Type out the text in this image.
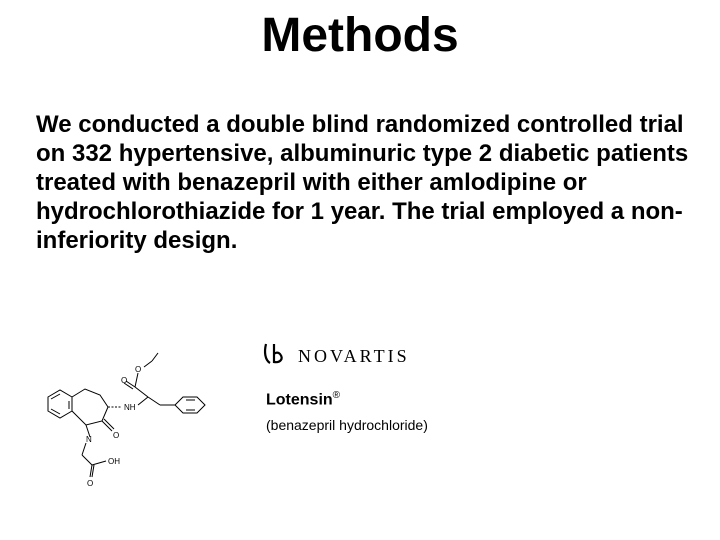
Methods
We conducted a double blind randomized controlled trial on 332 hypertensive, albuminuric type 2 diabetic patients treated with benazepril with either amlodipine or hydrochlorothiazide for 1 year. The trial employed a non-inferiority design.
O
O
NH
N	O
O
OH
NOVARTIS
Lotensin®
(benazepril hydrochloride)
